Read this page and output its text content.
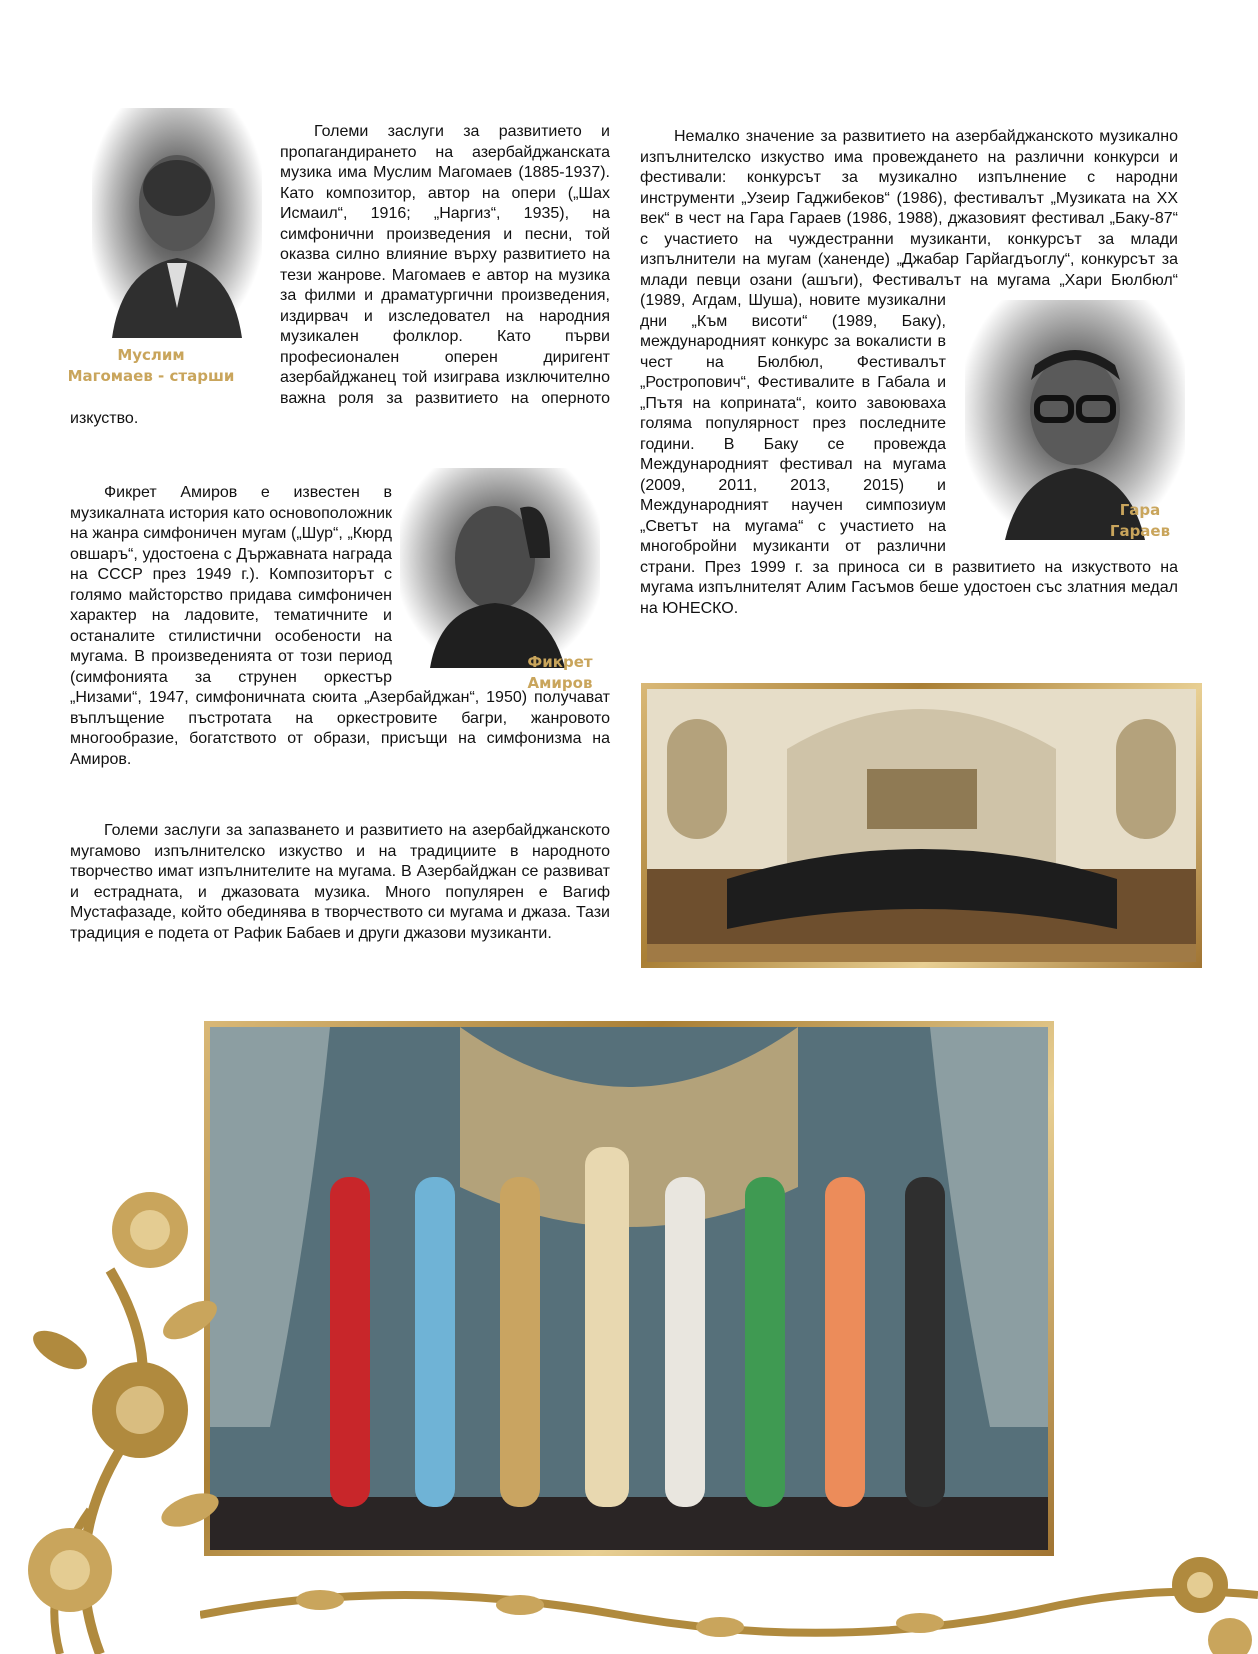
Муслим
Магомаев - старши
Големи заслуги за развитието и пропагандирането на азербайджанската музика има Муслим Магомаев (1885-1937). Като композитор, автор на опери („Шах Исмаил“, 1916; „Наргиз“, 1935), на симфонични произведения и песни, той оказва силно влияние върху развитието на тези жанрове. Магомаев е автор на музика за филми и драматургични произведения, издирвач и изследовател на народния музикален фолклор. Като първи професионален оперен диригент азербайджанец той изиграва изключително важна роля за развитието на оперното изкуство.
Фикрет
Амиров
Фикрет Амиров е известен в музикалната история като основоположник на жанра симфоничен мугам („Шур“, „Кюрд овшаръ“, удостоена с Държавната награда на СССР през 1949 г.). Композиторът с голямо майсторство придава симфоничен характер на ладовите, тематичните и останалите стилистични особености на мугама. В произведенията от този период (симфонията за струнен оркестър „Низами“, 1947, симфоничната сюита „Азербайджан“, 1950) получават въплъщение пъстротата на оркестровите багри, жанровото многообразие, богатството от образи, присъщи на симфонизма на Амиров.
Големи заслуги за запазването и развитието на азербайджанското мугамово изпълнителско изкуство и на традициите в народното творчество имат изпълнителите на мугама. В Азербайджан се развиват и естрадната, и джазовата музика. Много популярен е Вагиф Мустафазаде, който обединява в творчеството си мугама и джаза. Тази традиция е подета от Рафик Бабаев и други джазови музиканти.
Гара
Гараев
Немалко значение за развитието на азербайджанското музикално изпълнителско изкуство има провеждането на различни конкурси и фестивали: конкурсът за музикално изпълнение с народни инструменти „Узеир Гаджибеков“ (1986), фестивалът „Музиката на XX век“ в чест на Гара Гараев (1986, 1988), джазовият фестивал „Баку-87“ с участието на чуждестранни музиканти, конкурсът за млади изпълнители на мугам (ханенде) „Джабар Гарйагдъоглу“, конкурсът за млади певци озани (ашъги), Фестивалът на мугама „Хари Бюлбюл“ (1989, Агдам, Шуша), новите музикални дни „Към висоти“ (1989, Баку), международният конкурс за вокалисти в чест на Бюлбюл, Фестивалът „Ростропович“, Фестивалите в Габала и „Пътя на коприната“, които завоюваха голяма популярност през последните години. В Баку се провежда Международният фестивал на мугама (2009, 2011, 2013, 2015) и Международният научен симпозиум „Светът на мугама“ с участието на многобройни музиканти от различни страни. През 1999 г. за приноса си в развитието на изкуството на мугама изпълнителят Алим Гасъмов беше удостоен със златния медал на ЮНЕСКО.
